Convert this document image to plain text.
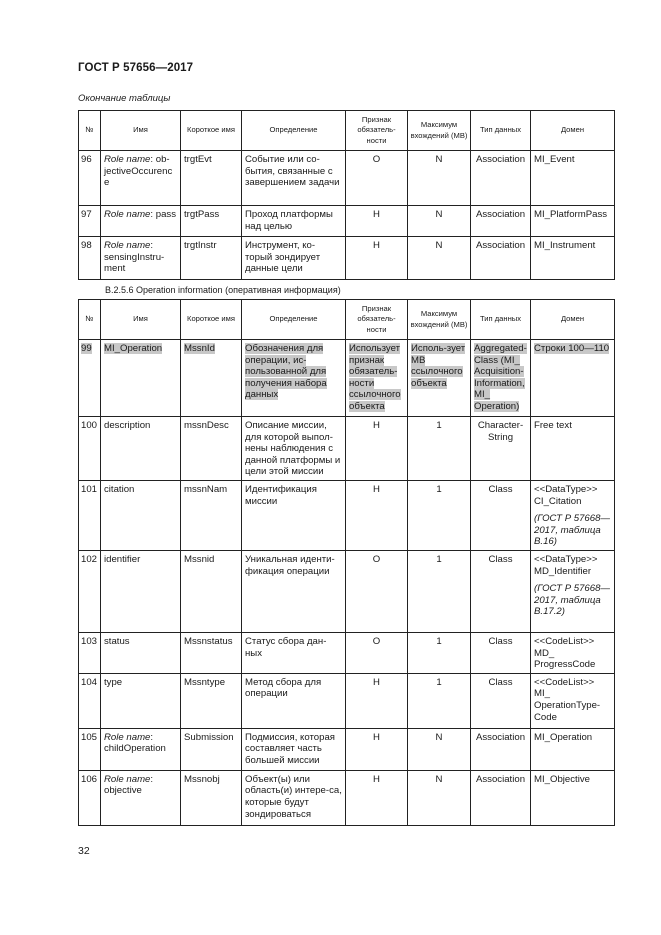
ГОСТ Р 57656—2017
Окончание таблицы
№	Имя	Короткое имя	Определение	Признак обязатель-ности	Максимум вхождений (МВ)	Тип данных	Домен
96	Role name: ob-jectiveOccurence	trgtEvt	Событие или со-бытия, связанные с завершением задачи	О	N	Association	MI_Event
97	Role name: pass	trgtPass	Проход платформы над целью	Н	N	Association	MI_PlatformPass
98	Role name: sensingInstru-ment	trgtInstr	Инструмент, ко-торый зондирует данные цели	Н	N	Association	MI_Instrument
В.2.5.6 Operation information (оперативная информация)
№	Имя	Короткое имя	Определение	Признак обязатель-ности	Максимум вхождений (МВ)	Тип данных	Домен
99	MI_Operation	MssnId	Обозначения для операции, ис-пользованной для получения набора данных	Использует признак обязатель-ности ссылочного объекта	Исполь-зует МВ ссылочного объекта	Aggregated-Class (MI_ Acquisition-Information, MI_ Operation)	Строки 100—110
100	description	mssnDesc	Описание миссии, для которой выпол-нены наблюдения с данной платформы и цели этой миссии	Н	1	Character-String	Free text
101	citation	mssnNam	Идентификация миссии	Н	1	Class	<<DataType>> CI_Citation
(ГОСТ Р 57668—2017, таблица В.16)

102	identifier	Mssnid	Уникальная иденти-фикация операции	О	1	Class	<<DataType>> MD_Identifier
(ГОСТ Р 57668—2017, таблица В.17.2)

103	status	Mssnstatus	Статус сбора дан-ных	О	1	Class	<<CodeList>> MD_ ProgressCode
104	type	Mssntype	Метод сбора для операции	Н	1	Class	<<CodeList>> MI_ OperationType-Code
105	Role name: childOperation	Submission	Подмиссия, которая составляет часть большей миссии	Н	N	Association	MI_Operation
106	Role name: objective	Mssnobj	Объект(ы) или область(и) интере-са, которые будут зондироваться	Н	N	Association	MI_Objective
32
